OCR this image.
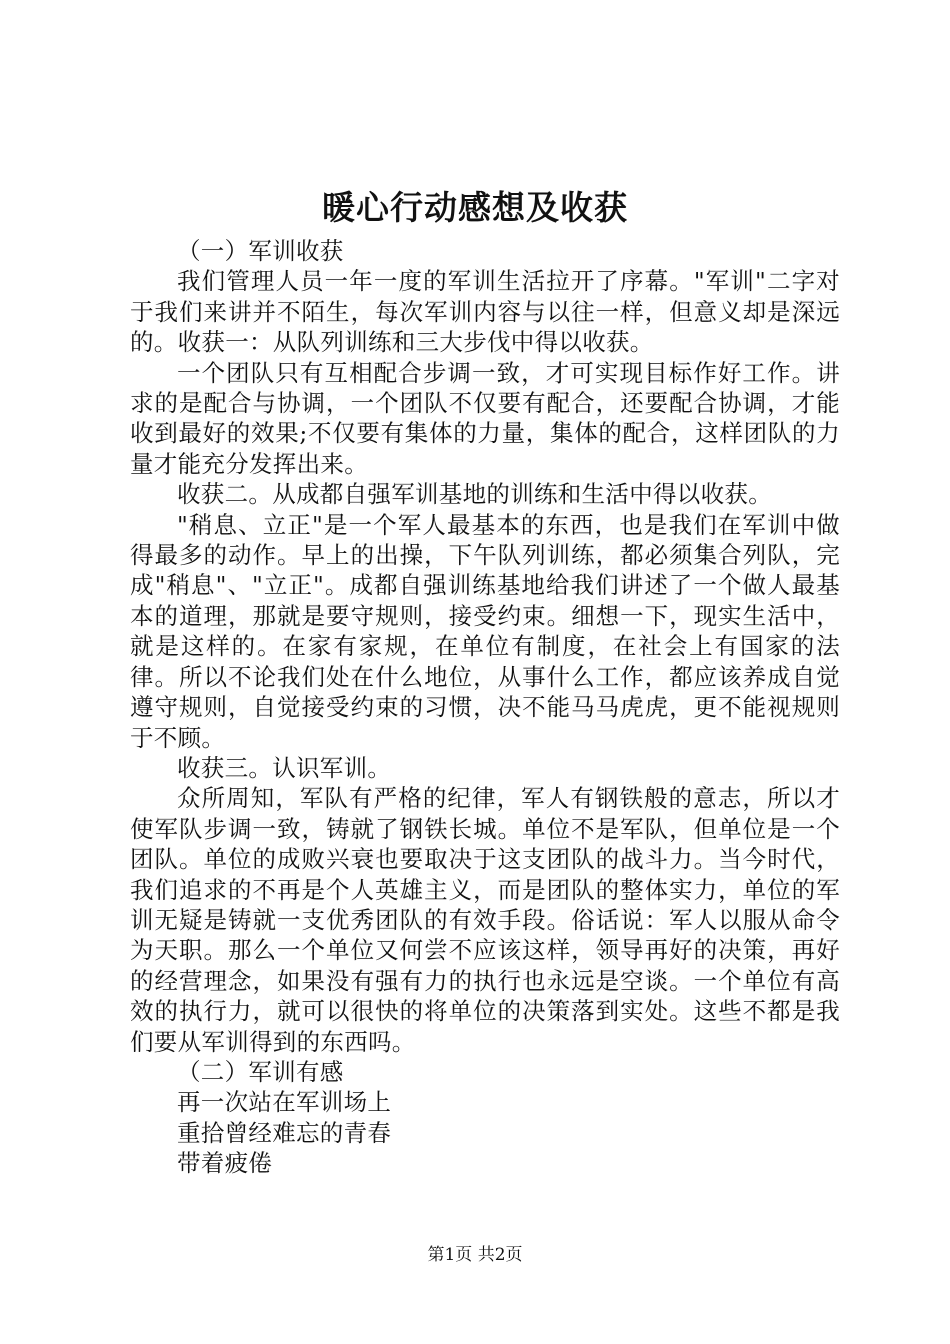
暖心行动感想及收获

（一）军训收获

我们管理人员一年一度的军训生活拉开了序幕。"军训"二字对于我们来讲并不陌生，每次军训内容与以往一样，但意义却是深远的。收获一：从队列训练和三大步伐中得以收获。

一个团队只有互相配合步调一致，才可实现目标作好工作。讲求的是配合与协调，一个团队不仅要有配合，还要配合协调，才能收到最好的效果;不仅要有集体的力量，集体的配合，这样团队的力量才能充分发挥出来。

收获二。从成都自强军训基地的训练和生活中得以收获。

"稍息、立正"是一个军人最基本的东西，也是我们在军训中做得最多的动作。早上的出操，下午队列训练，都必须集合列队，完成"稍息"、"立正"。成都自强训练基地给我们讲述了一个做人最基本的道理，那就是要守规则，接受约束。细想一下，现实生活中，就是这样的。在家有家规，在单位有制度，在社会上有国家的法律。所以不论我们处在什么地位，从事什么工作，都应该养成自觉遵守规则，自觉接受约束的习惯，决不能马马虎虎，更不能视规则于不顾。

收获三。认识军训。

众所周知，军队有严格的纪律，军人有钢铁般的意志，所以才使军队步调一致，铸就了钢铁长城。单位不是军队，但单位是一个团队。单位的成败兴衰也要取决于这支团队的战斗力。当今时代，我们追求的不再是个人英雄主义，而是团队的整体实力，单位的军训无疑是铸就一支优秀团队的有效手段。俗话说：军人以服从命令为天职。那么一个单位又何尝不应该这样，领导再好的决策，再好的经营理念，如果没有强有力的执行也永远是空谈。一个单位有高效的执行力，就可以很快的将单位的决策落到实处。这些不都是我们要从军训得到的东西吗。

（二）军训有感

再一次站在军训场上

重拾曾经难忘的青春

带着疲倦

第1页 共2页
